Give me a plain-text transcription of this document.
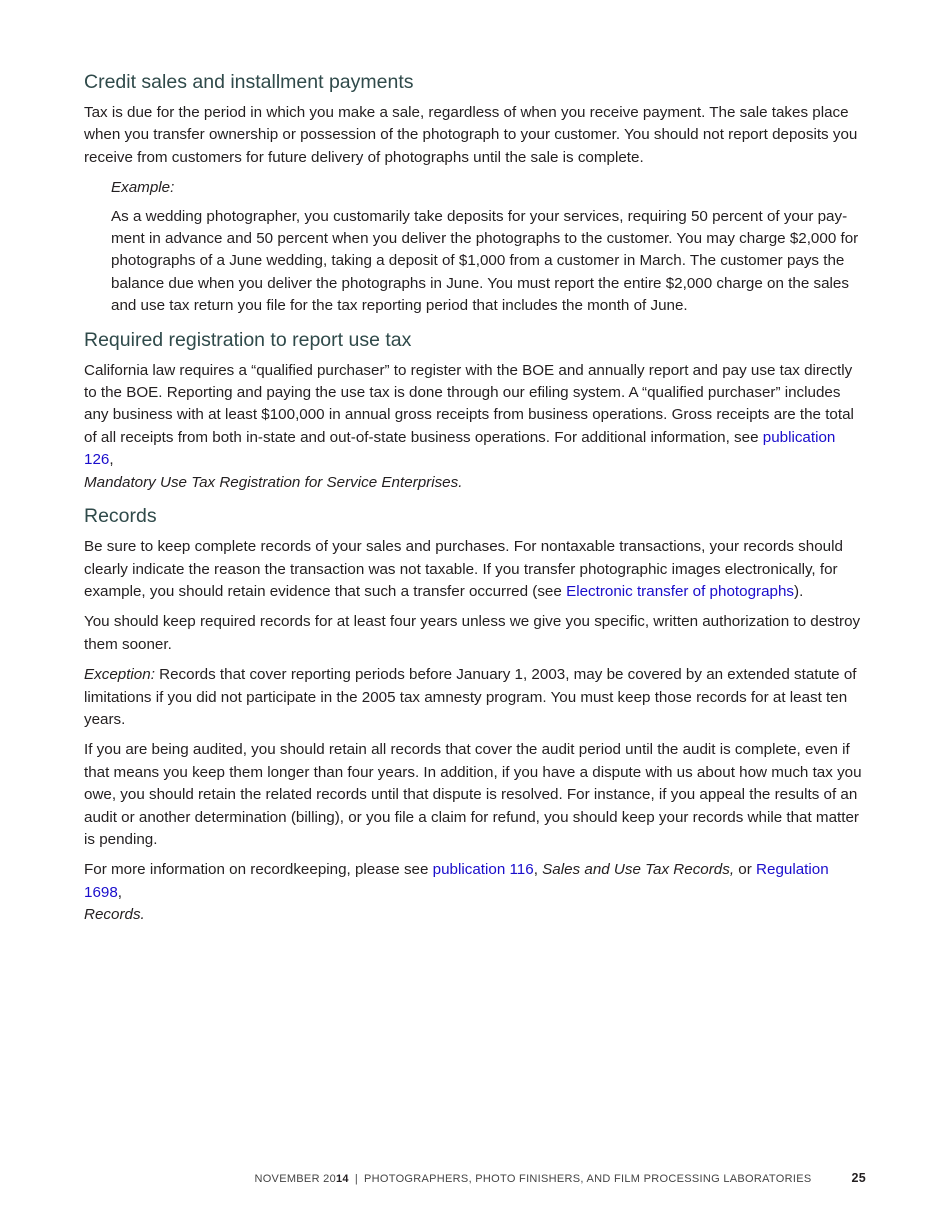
Credit sales and installment payments

Tax is due for the period in which you make a sale, regardless of when you receive payment. The sale takes place when you transfer ownership or possession of the photograph to your customer. You should not report deposits you receive from customers for future delivery of photographs until the sale is complete.

Example:

As a wedding photographer, you customarily take deposits for your services, requiring 50 percent of your pay-ment in advance and 50 percent when you deliver the photographs to the customer. You may charge $2,000 for photographs of a June wedding, taking a deposit of $1,000 from a customer in March. The customer pays the balance due when you deliver the photographs in June. You must report the entire $2,000 charge on the sales and use tax return you file for the tax reporting period that includes the month of June.

Required registration to report use tax

California law requires a “qualified purchaser” to register with the BOE and annually report and pay use tax directly to the BOE. Reporting and paying the use tax is done through our efiling system. A “qualified purchaser” includes any business with at least $100,000 in annual gross receipts from business operations. Gross receipts are the total of all receipts from both in-state and out-of-state business operations. For additional information, see publication 126,
Mandatory Use Tax Registration for Service Enterprises.

Records

Be sure to keep complete records of your sales and purchases. For nontaxable transactions, your records should clearly indicate the reason the transaction was not taxable. If you transfer photographic images electronically, for example, you should retain evidence that such a transfer occurred (see Electronic transfer of photographs).

You should keep required records for at least four years unless we give you specific, written authorization to destroy them sooner.

Exception: Records that cover reporting periods before January 1, 2003, may be covered by an extended statute of limitations if you did not participate in the 2005 tax amnesty program. You must keep those records for at least ten years.

If you are being audited, you should retain all records that cover the audit period until the audit is complete, even if that means you keep them longer than four years. In addition, if you have a dispute with us about how much tax you owe, you should retain the related records until that dispute is resolved. For instance, if you appeal the results of an audit or another determination (billing), or you file a claim for refund, you should keep your records while that matter is pending.

For more information on recordkeeping, please see publication 116, Sales and Use Tax Records, or Regulation 1698,
Records.

NOVEMBER 2014 | PHOTOGRAPHERS, PHOTO FINISHERS, AND FILM PROCESSING LABORATORIES	25
